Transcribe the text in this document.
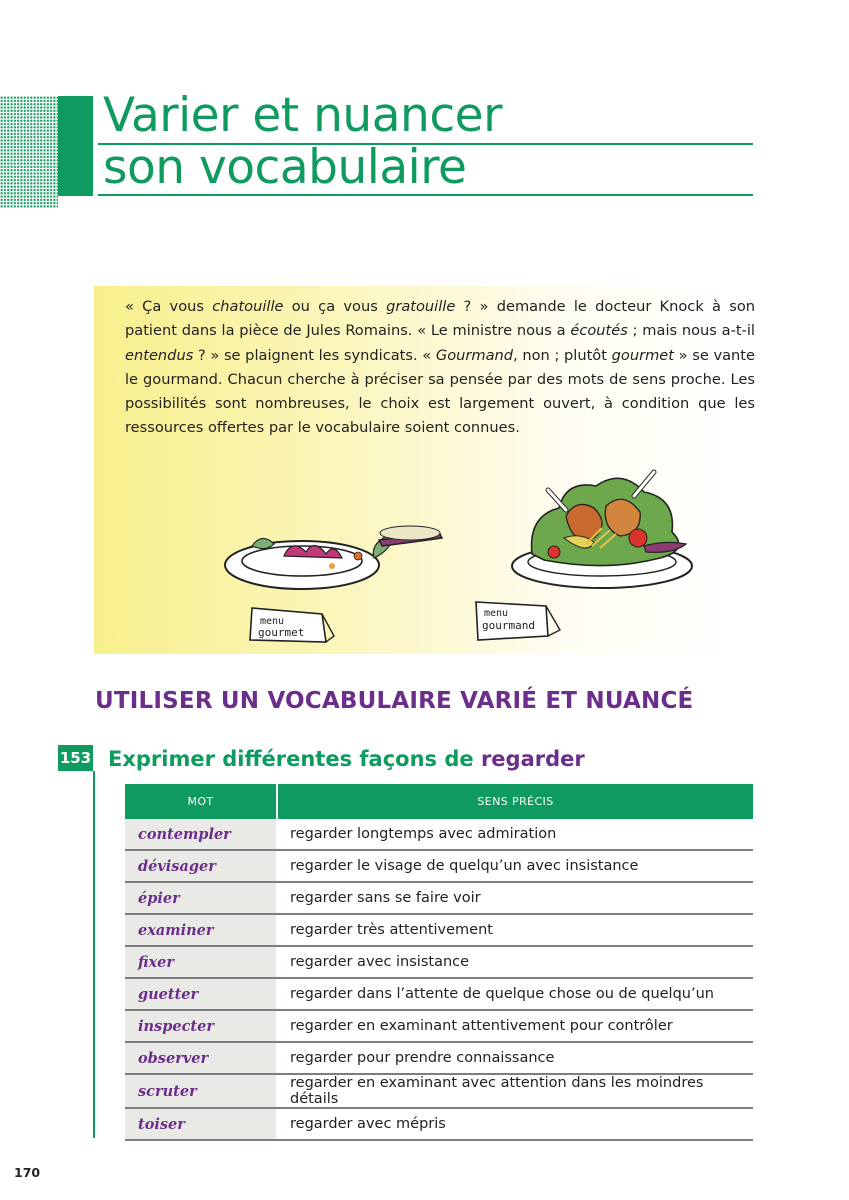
Varier et nuancer
son vocabulaire

« Ça vous chatouille ou ça vous gratouille ? » demande le docteur Knock à son patient dans la pièce de Jules Romains. « Le ministre nous a écoutés ; mais nous a-t-il entendus ? » se plaignent les syndicats. « Gourmand, non ; plutôt gourmet » se vante le gourmand. Chacun cherche à préciser sa pensée par des mots de sens proche. Les possibilités sont nombreuses, le choix est largement ouvert, à condition que les ressources offertes par le vocabulaire soient connues.

menu
gourmet
menu
gourmand
UTILISER UN VOCABULAIRE VARIÉ ET NUANCÉ
153 Exprimer différentes façons de regarder
MOT	SENS PRÉCIS
contempler	regarder longtemps avec admiration
dévisager	regarder le visage de quelqu’un avec insistance
épier	regarder sans se faire voir
examiner	regarder très attentivement
fixer	regarder avec insistance
guetter	regarder dans l’attente de quelque chose ou de quelqu’un
inspecter	regarder en examinant attentivement pour contrôler
observer	regarder pour prendre connaissance
scruter	regarder en examinant avec attention dans les moindres détails
toiser	regarder avec mépris
170
